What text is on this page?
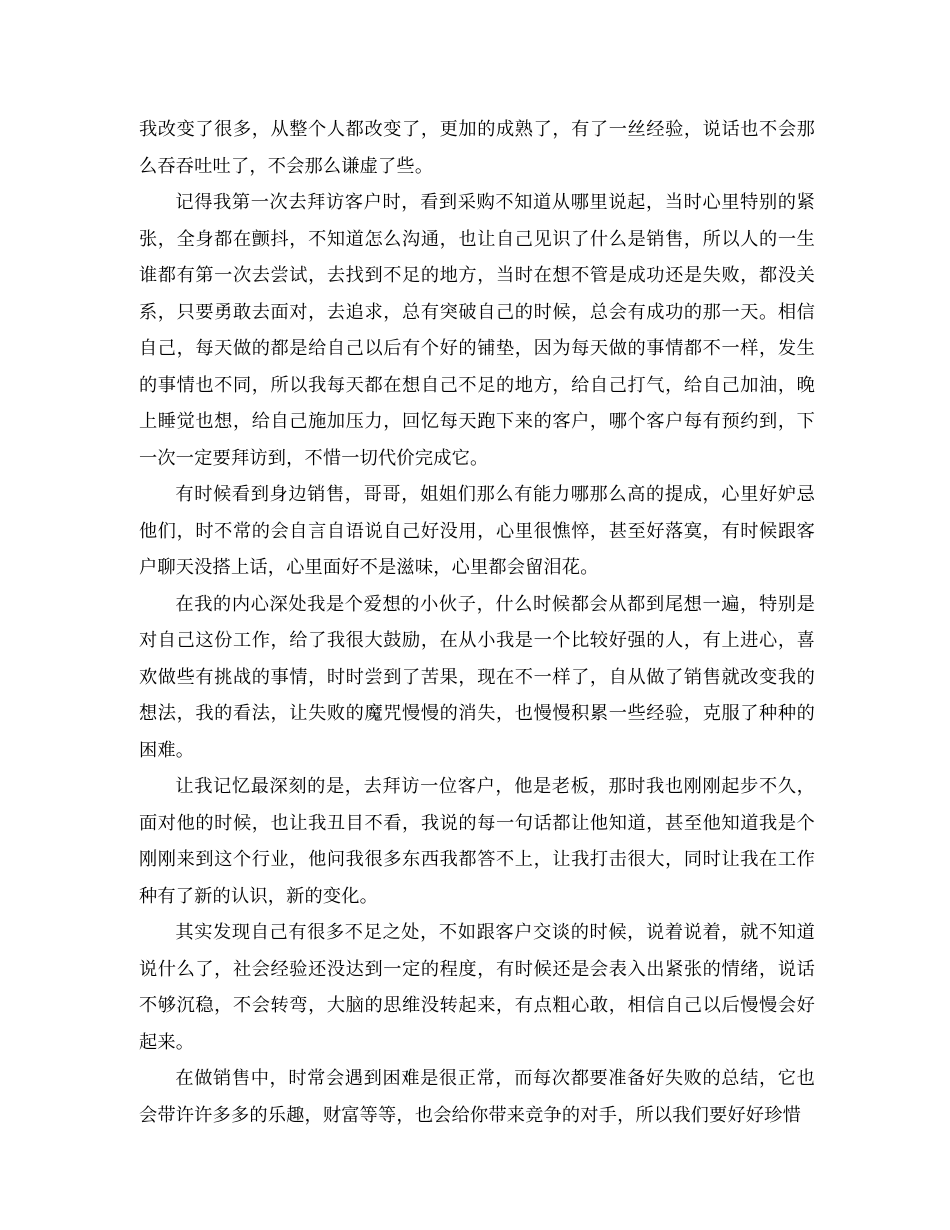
我改变了很多，从整个人都改变了，更加的成熟了，有了一丝经验，说话也不会那么吞吞吐吐了，不会那么谦虚了些。

记得我第一次去拜访客户时，看到采购不知道从哪里说起，当时心里特别的紧张，全身都在颤抖，不知道怎么沟通，也让自己见识了什么是销售，所以人的一生谁都有第一次去尝试，去找到不足的地方，当时在想不管是成功还是失败，都没关系，只要勇敢去面对，去追求，总有突破自己的时候，总会有成功的那一天。相信自己，每天做的都是给自己以后有个好的铺垫，因为每天做的事情都不一样，发生的事情也不同，所以我每天都在想自己不足的地方，给自己打气，给自己加油，晚上睡觉也想，给自己施加压力，回忆每天跑下来的客户，哪个客户每有预约到，下一次一定要拜访到，不惜一切代价完成它。

有时候看到身边销售，哥哥，姐姐们那么有能力哪那么高的提成，心里好妒忌他们，时不常的会自言自语说自己好没用，心里很憔悴，甚至好落寞，有时候跟客户聊天没搭上话，心里面好不是滋味，心里都会留泪花。

在我的内心深处我是个爱想的小伙子，什么时候都会从都到尾想一遍，特别是对自己这份工作，给了我很大鼓励，在从小我是一个比较好强的人，有上进心，喜欢做些有挑战的事情，时时尝到了苦果，现在不一样了，自从做了销售就改变我的想法，我的看法，让失败的魔咒慢慢的消失，也慢慢积累一些经验，克服了种种的困难。

让我记忆最深刻的是，去拜访一位客户，他是老板，那时我也刚刚起步不久，面对他的时候，也让我丑目不看，我说的每一句话都让他知道，甚至他知道我是个刚刚来到这个行业，他问我很多东西我都答不上，让我打击很大，同时让我在工作种有了新的认识，新的变化。

其实发现自己有很多不足之处，不如跟客户交谈的时候，说着说着，就不知道说什么了，社会经验还没达到一定的程度，有时候还是会表入出紧张的情绪，说话不够沉稳，不会转弯，大脑的思维没转起来，有点粗心敢，相信自己以后慢慢会好起来。

在做销售中，时常会遇到困难是很正常，而每次都要准备好失败的总结，它也会带许许多多的乐趣，财富等等，也会给你带来竞争的对手，所以我们要好好珍惜
